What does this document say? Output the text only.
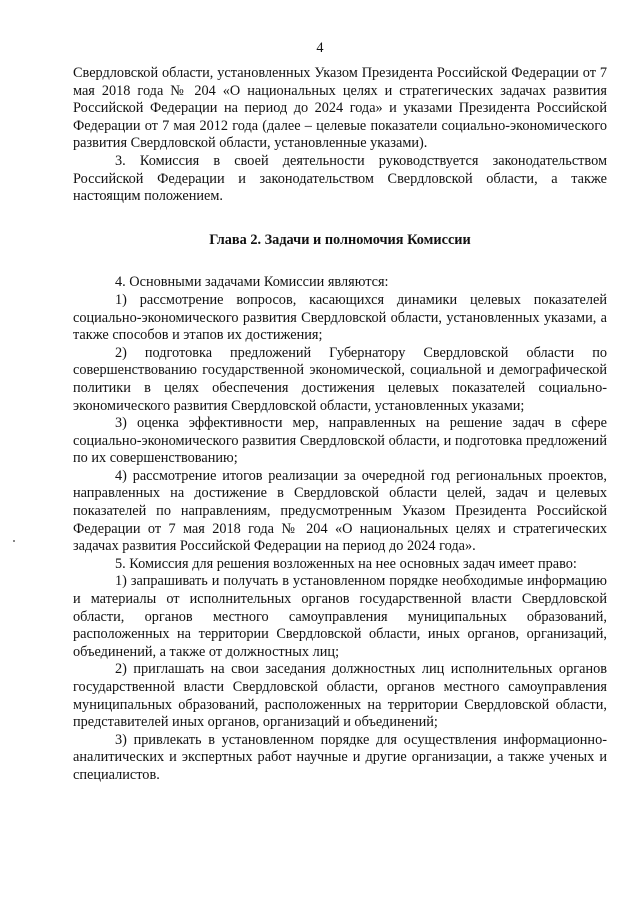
4

Свердловской области, установленных Указом Президента Российской Федерации от 7 мая 2018 года № 204 «О национальных целях и стратегических задачах развития Российской Федерации на период до 2024 года» и указами Президента Российской Федерации от 7 мая 2012 года (далее – целевые показатели социально-экономического развития Свердловской области, установленные указами).

3. Комиссия в своей деятельности руководствуется законодательством Российской Федерации и законодательством Свердловской области, а также настоящим положением.

Глава 2. Задачи и полномочия Комиссии

4. Основными задачами Комиссии являются:

1) рассмотрение вопросов, касающихся динамики целевых показателей социально-экономического развития Свердловской области, установленных указами, а также способов и этапов их достижения;

2) подготовка предложений Губернатору Свердловской области по совершенствованию государственной экономической, социальной и демографической политики в целях обеспечения достижения целевых показателей социально-экономического развития Свердловской области, установленных указами;

3) оценка эффективности мер, направленных на решение задач в сфере социально-экономического развития Свердловской области, и подготовка предложений по их совершенствованию;

4) рассмотрение итогов реализации за очередной год региональных проектов, направленных на достижение в Свердловской области целей, задач и целевых показателей по направлениям, предусмотренным Указом Президента Российской Федерации от 7 мая 2018 года № 204 «О национальных целях и стратегических задачах развития Российской Федерации на период до 2024 года».

5. Комиссия для решения возложенных на нее основных задач имеет право:

1) запрашивать и получать в установленном порядке необходимые информацию и материалы от исполнительных органов государственной власти Свердловской области, органов местного самоуправления муниципальных образований, расположенных на территории Свердловской области, иных органов, организаций, объединений, а также от должностных лиц;

2) приглашать на свои заседания должностных лиц исполнительных органов государственной власти Свердловской области, органов местного самоуправления муниципальных образований, расположенных на территории Свердловской области, представителей иных органов, организаций и объединений;

3) привлекать в установленном порядке для осуществления информационно-аналитических и экспертных работ научные и другие организации, а также ученых и специалистов.
